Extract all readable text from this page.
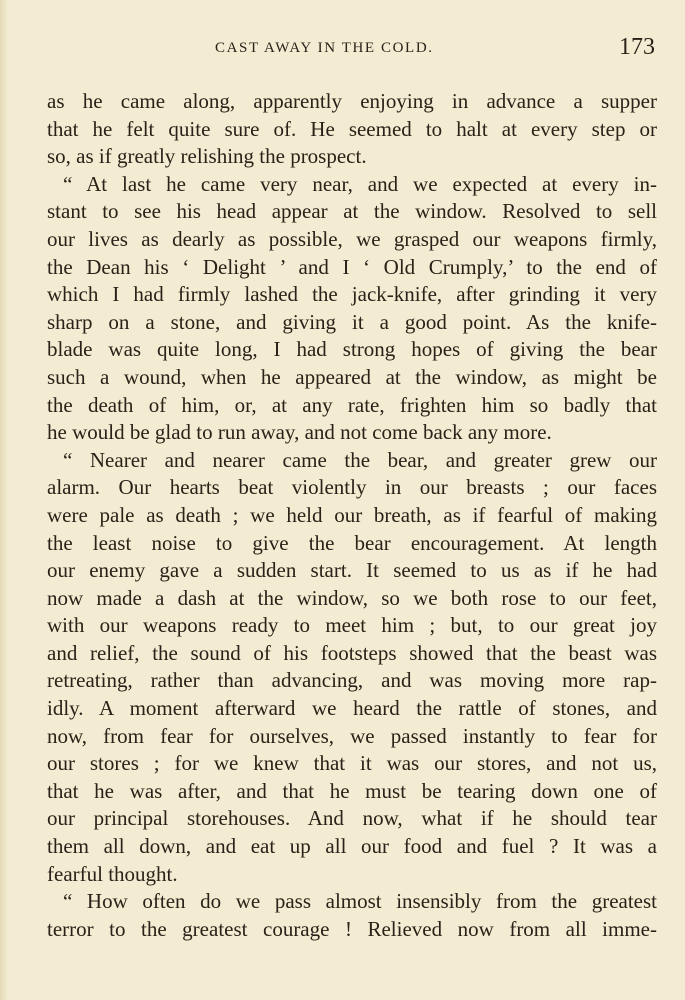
CAST AWAY IN THE COLD.	173
as he came along, apparently enjoying in advance a supper
that he felt quite sure of. He seemed to halt at every step or
so, as if greatly relishing the prospect.
“ At last he came very near, and we expected at every in-
stant to see his head appear at the window. Resolved to sell
our lives as dearly as possible, we grasped our weapons firmly,
the Dean his ‘ Delight ’ and I ‘ Old Crumply,’ to the end of
which I had firmly lashed the jack-knife, after grinding it very
sharp on a stone, and giving it a good point. As the knife-
blade was quite long, I had strong hopes of giving the bear
such a wound, when he appeared at the window, as might be
the death of him, or, at any rate, frighten him so badly that
he would be glad to run away, and not come back any more.
“ Nearer and nearer came the bear, and greater grew our
alarm. Our hearts beat violently in our breasts ; our faces
were pale as death ; we held our breath, as if fearful of making
the least noise to give the bear encouragement. At length
our enemy gave a sudden start. It seemed to us as if he had
now made a dash at the window, so we both rose to our feet,
with our weapons ready to meet him ; but, to our great joy
and relief, the sound of his footsteps showed that the beast was
retreating, rather than advancing, and was moving more rap-
idly. A moment afterward we heard the rattle of stones, and
now, from fear for ourselves, we passed instantly to fear for
our stores ; for we knew that it was our stores, and not us,
that he was after, and that he must be tearing down one of
our principal storehouses. And now, what if he should tear
them all down, and eat up all our food and fuel ? It was a
fearful thought.
“ How often do we pass almost insensibly from the greatest
terror to the greatest courage ! Relieved now from all imme-
